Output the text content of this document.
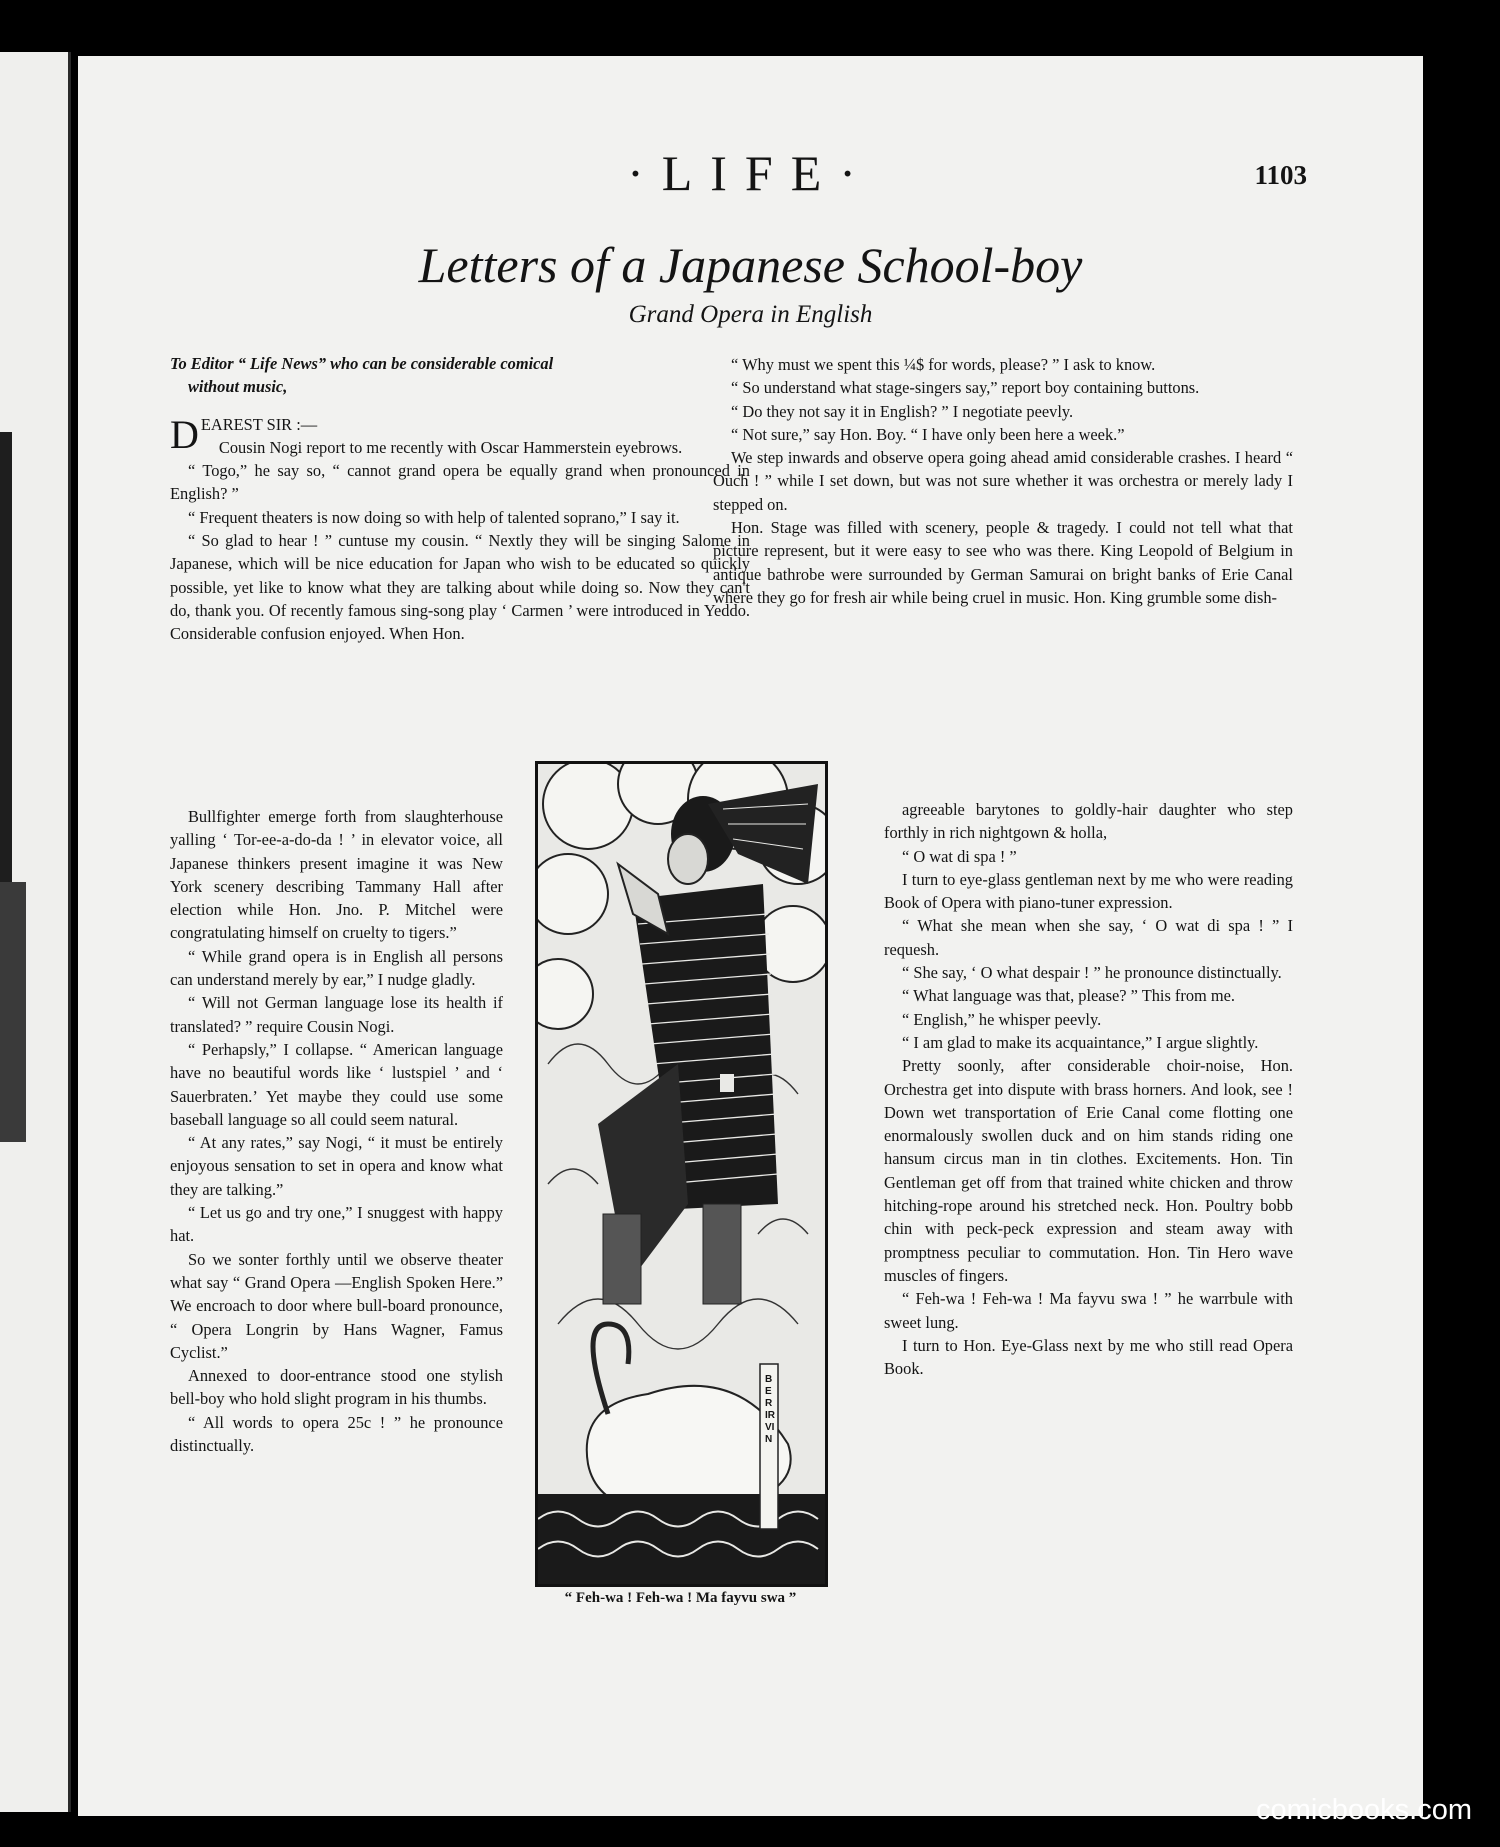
·LIFE·	1103
Letters of a Japanese School-boy
Grand Opera in English

To Editor “ Life News” who can be considerable comical
without music,

DEAREST SIR :—

Cousin Nogi report to me recently with Oscar Hammerstein eyebrows.

“ Togo,” he say so, “ cannot grand opera be equally grand when pronounced in English? ”

“ Frequent theaters is now doing so with help of talented soprano,” I say it.

“ So glad to hear ! ” cuntuse my cousin. “ Nextly they will be singing Salome in Japanese, which will be nice education for Japan who wish to be educated so quickly possible, yet like to know what they are talking about while doing so. Now they can't do, thank you. Of recently famous sing-song play ‘ Carmen ’ were introduced in Yeddo. Considerable confusion enjoyed. When Hon.

Bullfighter emerge forth from slaughterhouse yalling ‘ Tor-ee-a-do-da ! ’ in elevator voice, all Japanese thinkers present imagine it was New York scenery describing Tammany Hall after election while Hon. Jno. P. Mitchel were congratulating himself on cruelty to tigers.”

“ While grand opera is in English all persons can understand merely by ear,” I nudge gladly.

“ Will not German language lose its health if translated? ” require Cousin Nogi.

“ Perhapsly,” I collapse. “ American language have no beautiful words like ‘ lustspiel ’ and ‘ Sauerbraten.’ Yet maybe they could use some baseball language so all could seem natural.

“ At any rates,” say Nogi, “ it must be entirely enjoyous sensation to set in opera and know what they are talking.”

“ Let us go and try one,” I snuggest with happy hat.

So we sonter forthly until we observe theater what say “ Grand Opera —English Spoken Here.” We encroach to door where bull-board pronounce, “ Opera Longrin by Hans Wagner, Famus Cyclist.”

Annexed to door-entrance stood one stylish bell-boy who hold slight program in his thumbs.

“ All words to opera 25c ! ” he pronounce distinctually.

“ Why must we spent this ¼$ for words, please? ” I ask to know.

“ So understand what stage-singers say,” report boy containing buttons.

“ Do they not say it in English? ” I negotiate peevly.

“ Not sure,” say Hon. Boy. “ I have only been here a week.”

We step inwards and observe opera going ahead amid considerable crashes. I heard “ Ouch ! ” while I set down, but was not sure whether it was orchestra or merely lady I stepped on.

Hon. Stage was filled with scenery, people & tragedy. I could not tell what that picture represent, but it were easy to see who was there. King Leopold of Belgium in antique bathrobe were surrounded by German Samurai on bright banks of Erie Canal where they go for fresh air while being cruel in music. Hon. King grumble some dish-

agreeable barytones to goldly-hair daughter who step forthly in rich nightgown & holla,

“ O wat di spa ! ”

I turn to eye-glass gentleman next by me who were reading Book of Opera with piano-tuner expression.

“ What she mean when she say, ‘ O wat di spa ! ” I requesh.

“ She say, ‘ O what despair ! ” he pronounce distinctually.

“ What language was that, please? ” This from me.

“ English,” he whisper peevly.

“ I am glad to make its acquaintance,” I argue slightly.

Pretty soonly, after considerable choir-noise, Hon. Orchestra get into dispute with brass horners. And look, see ! Down wet transportation of Erie Canal come flotting one enormalously swollen duck and on him stands riding one hansum circus man in tin clothes. Excitements. Hon. Tin Gentleman get off from that trained white chicken and throw hitching-rope around his stretched neck. Hon. Poultry bobb chin with peck-peck expression and steam away with promptness peculiar to commutation. Hon. Tin Hero wave muscles of fingers.

“ Feh-wa ! Feh-wa ! Ma fayvu swa ! ” he warrbule with sweet lung.

I turn to Hon. Eye-Glass next by me who still read Opera Book.

BER IRVIN
“ Feh-wa ! Feh-wa ! Ma fayvu swa ”
comicbooks.com
